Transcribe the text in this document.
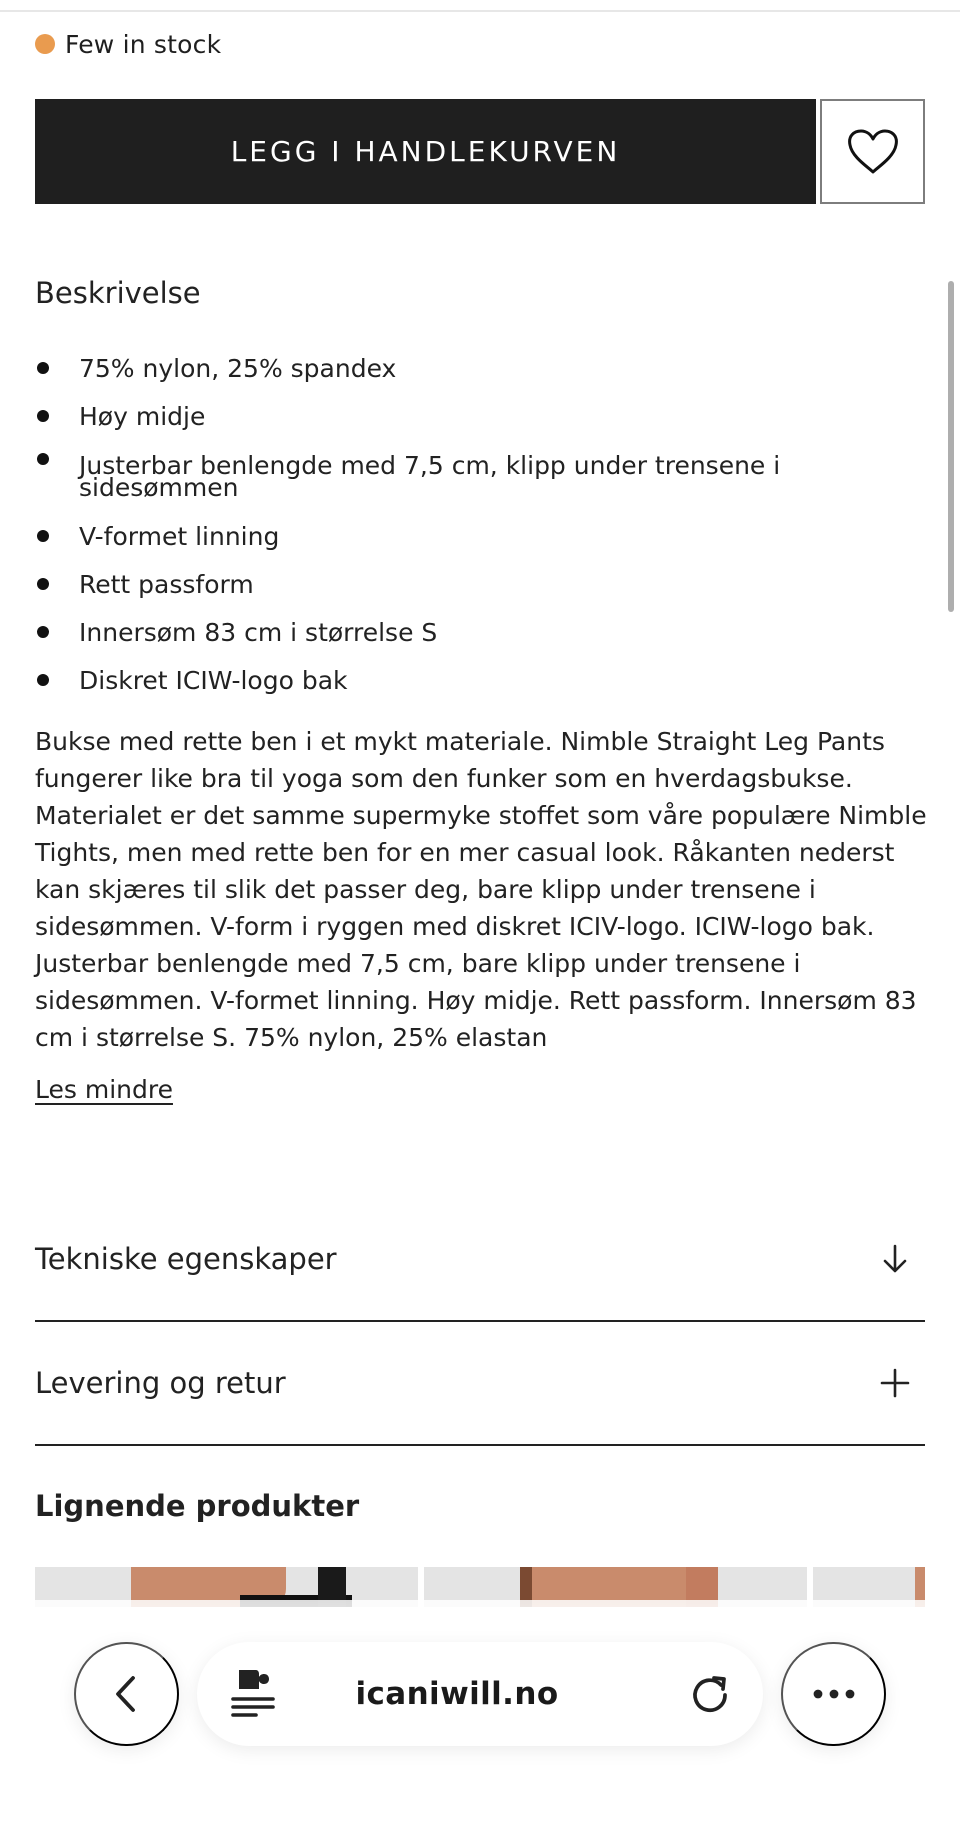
Few in stock
LEGG I HANDLEKURVEN
Beskrivelse
75% nylon, 25% spandex
Høy midje
Justerbar benlengde med 7,5 cm, klipp under trensene i sidesømmen
V-formet linning
Rett passform
Innersøm 83 cm i størrelse S
Diskret ICIW-logo bak

Bukse med rette ben i et mykt materiale. Nimble Straight Leg Pants fungerer like bra til yoga som den funker som en hverdagsbukse. Materialet er det samme supermyke stoffet som våre populære Nimble Tights, men med rette ben for en mer casual look. Råkanten nederst kan skjæres til slik det passer deg, bare klipp under trensene i sidesømmen. V-form i ryggen med diskret ICIV-logo. ICIW-logo bak. Justerbar benlengde med 7,5 cm, bare klipp under trensene i sidesømmen. V-formet linning. Høy midje. Rett passform. Innersøm 83 cm i størrelse S. 75% nylon, 25% elastan

Les mindre
Tekniske egenskaper
Levering og retur
Lignende produkter
icaniwill.no
